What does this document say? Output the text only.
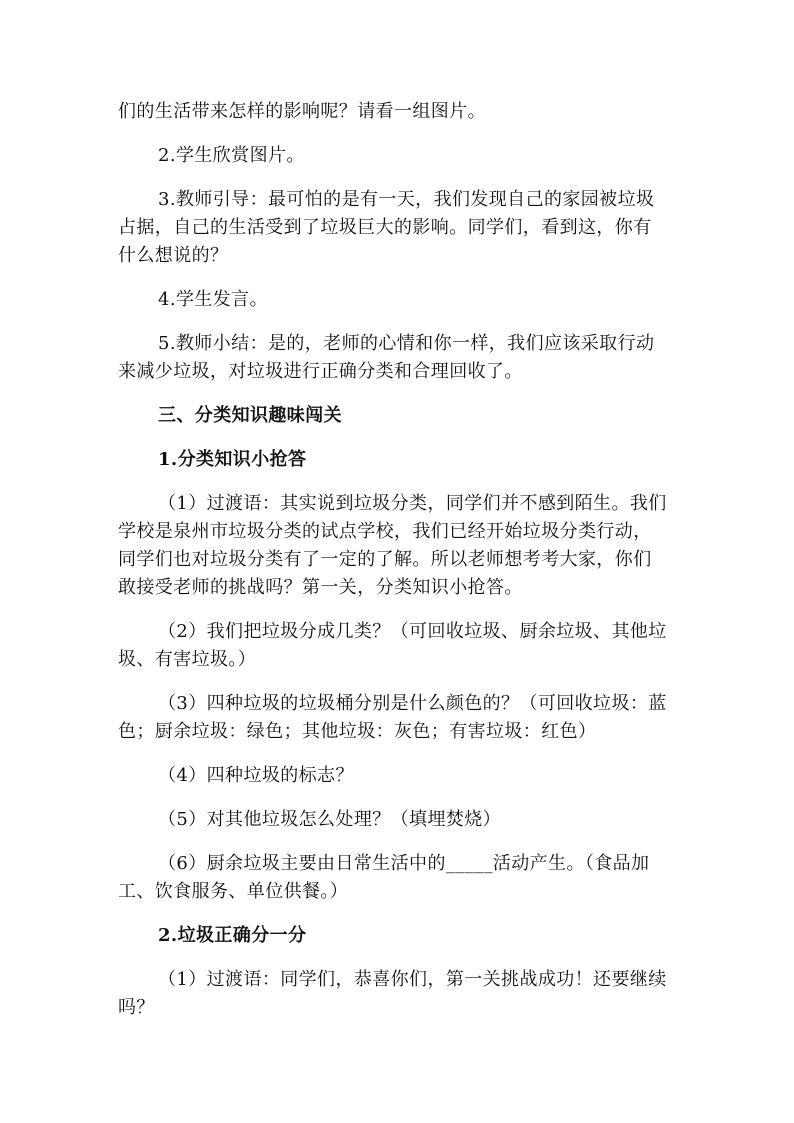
们的生活带来怎样的影响呢？请看一组图片。
2.学生欣赏图片。
3.教师引导：最可怕的是有一天，我们发现自己的家园被垃圾
占据，自己的生活受到了垃圾巨大的影响。同学们，看到这，你有
什么想说的？
4.学生发言。
5.教师小结：是的，老师的心情和你一样，我们应该采取行动
来减少垃圾，对垃圾进行正确分类和合理回收了。
三、分类知识趣味闯关
1.分类知识小抢答
（1）过渡语：其实说到垃圾分类，同学们并不感到陌生。我们
学校是泉州市垃圾分类的试点学校，我们已经开始垃圾分类行动，
同学们也对垃圾分类有了一定的了解。所以老师想考考大家，你们
敢接受老师的挑战吗？第一关，分类知识小抢答。
（2）我们把垃圾分成几类？（可回收垃圾、厨余垃圾、其他垃
圾、有害垃圾。）
（3）四种垃圾的垃圾桶分别是什么颜色的？（可回收垃圾：蓝
色；厨余垃圾：绿色；其他垃圾：灰色；有害垃圾：红色）
（4）四种垃圾的标志？
（5）对其他垃圾怎么处理？（填埋焚烧）
（6）厨余垃圾主要由日常生活中的_____活动产生。（食品加
工、饮食服务、单位供餐。）
2.垃圾正确分一分
（1）过渡语：同学们，恭喜你们，第一关挑战成功！还要继续
吗？
